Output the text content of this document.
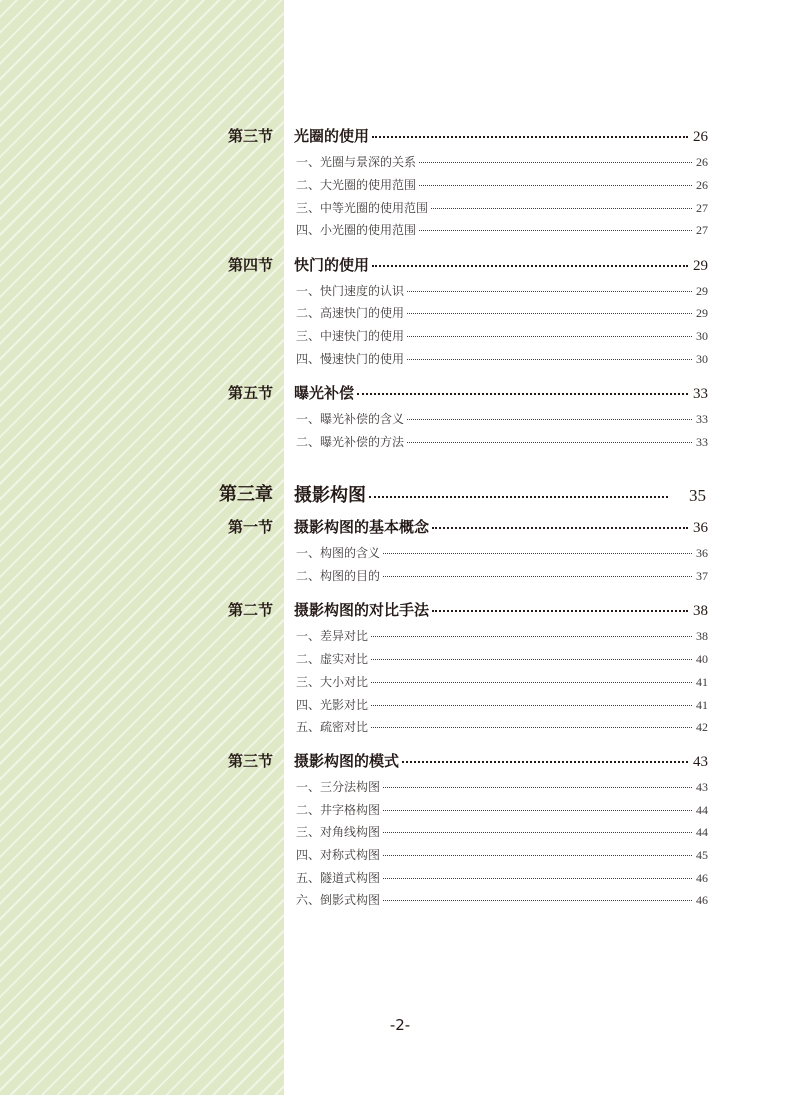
第三节 光圈的使用	26
一、光圈与景深的关系	26
二、大光圈的使用范围	26
三、中等光圈的使用范围	27
四、小光圈的使用范围	27
第四节 快门的使用	29
一、快门速度的认识	29
二、高速快门的使用	29
三、中速快门的使用	30
四、慢速快门的使用	30
第五节 曝光补偿	33
一、曝光补偿的含义	33
二、曝光补偿的方法	33
第三章 摄影构图	35
第一节 摄影构图的基本概念	36
一、构图的含义	36
二、构图的目的	37
第二节 摄影构图的对比手法	38
一、差异对比	38
二、虚实对比	40
三、大小对比	41
四、光影对比	41
五、疏密对比	42
第三节 摄影构图的模式	43
一、三分法构图	43
二、井字格构图	44
三、对角线构图	44
四、对称式构图	45
五、隧道式构图	46
六、倒影式构图	46
-2-
